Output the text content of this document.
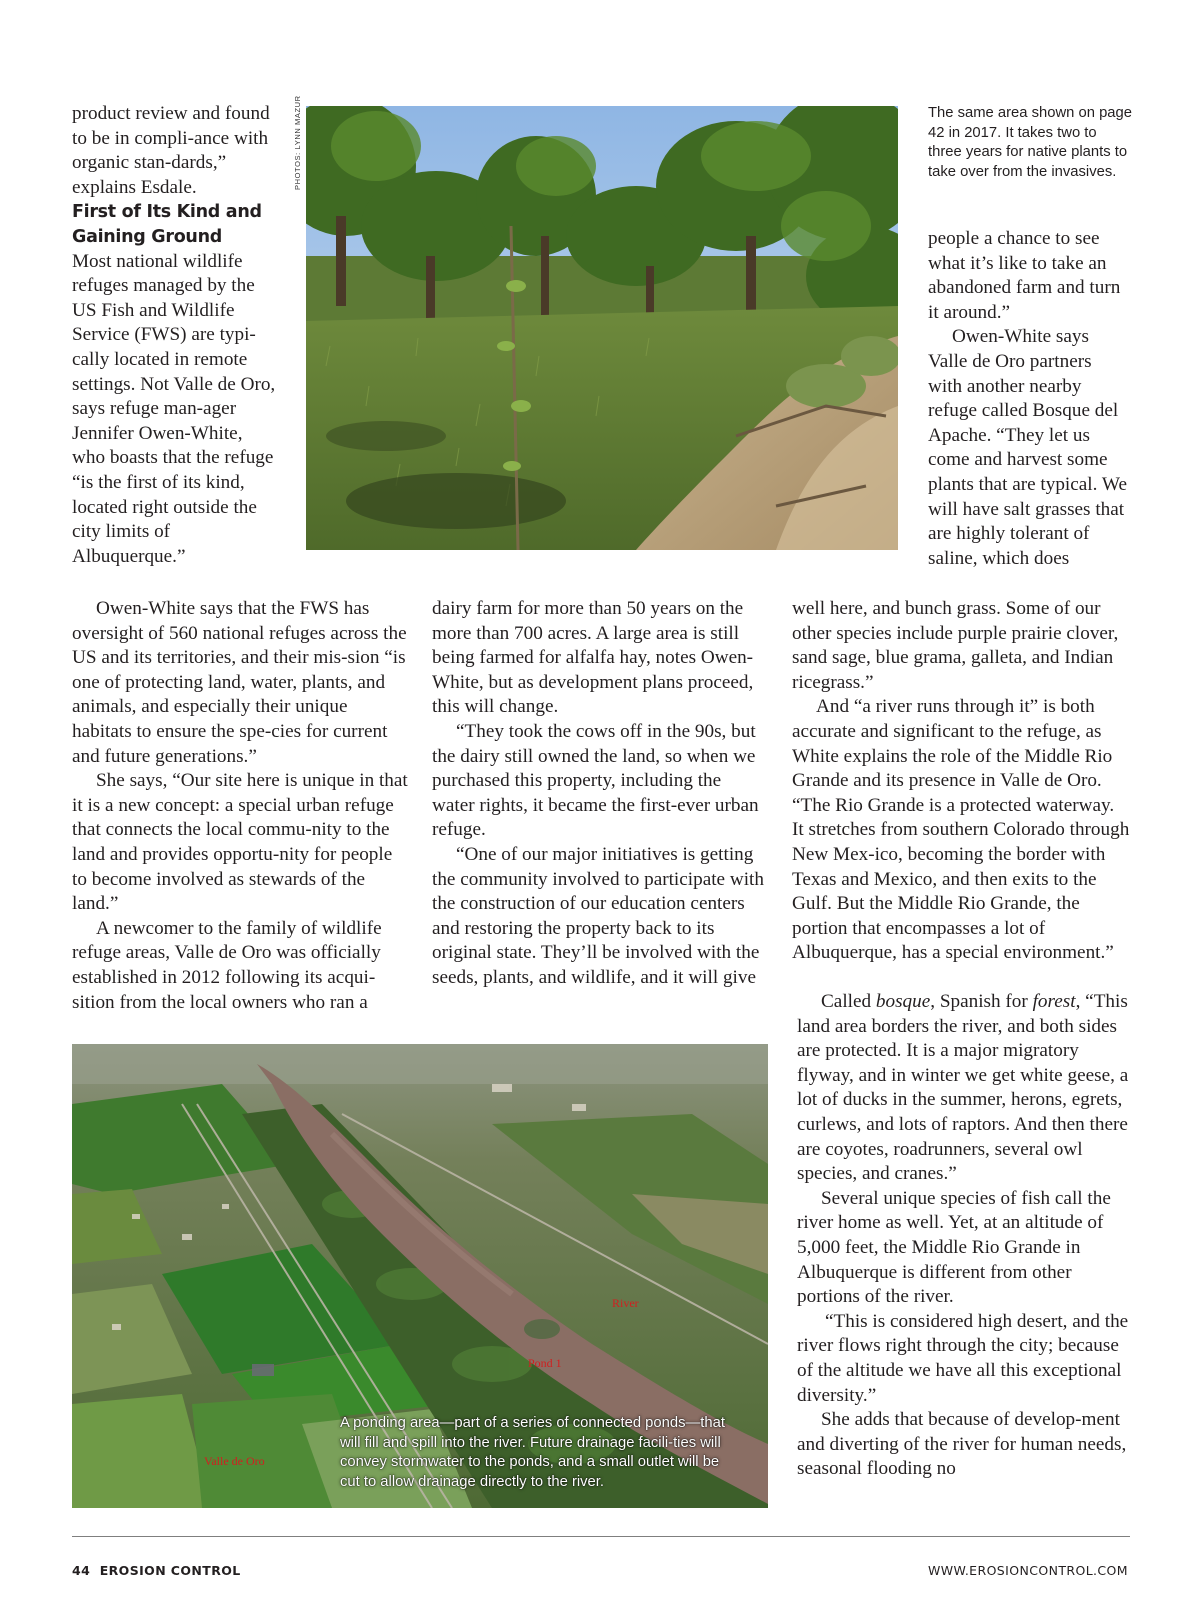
product review and found to be in compli-ance with organic stan-dards,” explains Esdale.

First of Its Kind and Gaining Ground

Most national wildlife refuges managed by the US Fish and Wildlife Service (FWS) are typi-cally located in remote settings. Not Valle de Oro, says refuge man-ager Jennifer Owen-White, who boasts that the refuge “is the first of its kind, located right outside the city limits of Albuquerque.”

Owen-White says that the FWS has oversight of 560 national refuges across the US and its territories, and their mis-sion “is one of protecting land, water, plants, and animals, and especially their unique habitats to ensure the spe-cies for current and future generations.”

She says, “Our site here is unique in that it is a new concept: a special urban refuge that connects the local commu-nity to the land and provides opportu-nity for people to become involved as stewards of the land.”

A newcomer to the family of wildlife refuge areas, Valle de Oro was officially established in 2012 following its acqui-sition from the local owners who ran a

dairy farm for more than 50 years on the more than 700 acres. A large area is still being farmed for alfalfa hay, notes Owen-White, but as development plans proceed, this will change.

“They took the cows off in the 90s, but the dairy still owned the land, so when we purchased this property, including the water rights, it became the first-ever urban refuge.

“One of our major initiatives is getting the community involved to participate with the construction of our education centers and restoring the property back to its original state. They’ll be involved with the seeds, plants, and wildlife, and it will give

people a chance to see what it’s like to take an abandoned farm and turn it around.”

Owen-White says Valle de Oro partners with another nearby refuge called Bosque del Apache. “They let us come and harvest some plants that are typical. We will have salt grasses that are highly tolerant of saline, which does

well here, and bunch grass. Some of our other species include purple prairie clover, sand sage, blue grama, galleta, and Indian ricegrass.”

And “a river runs through it” is both accurate and significant to the refuge, as White explains the role of the Middle Rio Grande and its presence in Valle de Oro. “The Rio Grande is a protected waterway. It stretches from southern Colorado through New Mex-ico, becoming the border with Texas and Mexico, and then exits to the Gulf. But the Middle Rio Grande, the portion that encompasses a lot of Albuquerque, has a special environment.”

Called bosque, Spanish for forest, “This land area borders the river, and both sides are protected. It is a major migratory flyway, and in winter we get white geese, a lot of ducks in the summer, herons, egrets, curlews, and lots of raptors. And then there are coyotes, roadrunners, several owl species, and cranes.”

Several unique species of fish call the river home as well. Yet, at an altitude of 5,000 feet, the Middle Rio Grande in Albuquerque is different from other portions of the river.

“This is considered high desert, and the river flows right through the city; because of the altitude we have all this exceptional diversity.”

She adds that because of develop-ment and diverting of the river for human needs, seasonal flooding no

PHOTOS: LYNN MAZUR	The same area shown on page 42 in 2017. It takes two to three years for native plants to take over from the invasives.
River
Pond 1
Valle de Oro
A ponding area—part of a series of connected ponds—that will fill and spill into the river. Future drainage facili-ties will convey stormwater to the ponds, and a small outlet will be cut to allow drainage directly to the river.
44 EROSION CONTROL	WWW.EROSIONCONTROL.COM
